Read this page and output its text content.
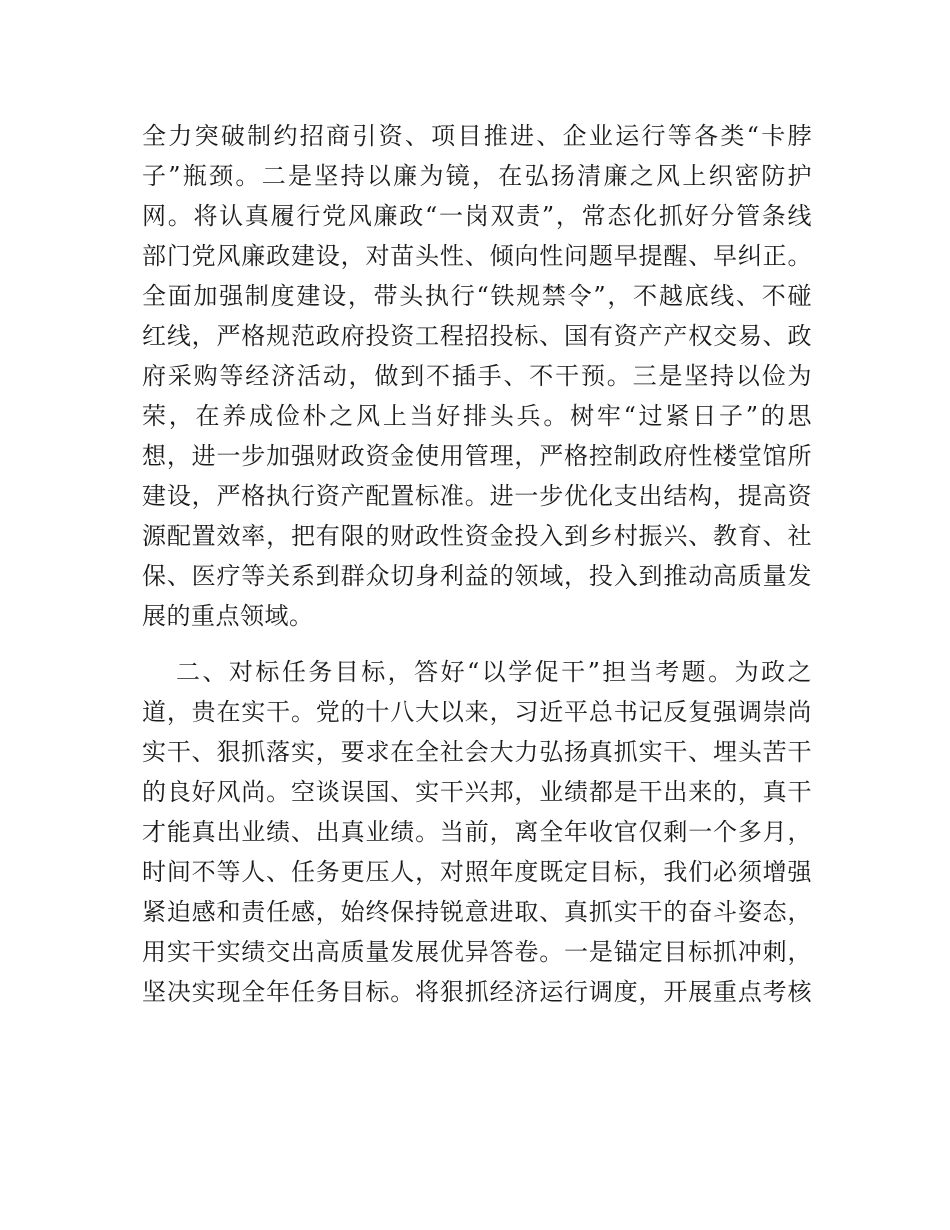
全力突破制约招商引资、项目推进、企业运行等各类“卡脖
子”瓶颈。二是坚持以廉为镜，在弘扬清廉之风上织密防护
网。将认真履行党风廉政“一岗双责”，常态化抓好分管条线
部门党风廉政建设，对苗头性、倾向性问题早提醒、早纠正。
全面加强制度建设，带头执行“铁规禁令”，不越底线、不碰
红线，严格规范政府投资工程招投标、国有资产产权交易、政
府采购等经济活动，做到不插手、不干预。三是坚持以俭为
荣，在养成俭朴之风上当好排头兵。树牢“过紧日子”的思
想，进一步加强财政资金使用管理，严格控制政府性楼堂馆所
建设，严格执行资产配置标准。进一步优化支出结构，提高资
源配置效率，把有限的财政性资金投入到乡村振兴、教育、社
保、医疗等关系到群众切身利益的领域，投入到推动高质量发
展的重点领域。
二、对标任务目标，答好“以学促干”担当考题。为政之
道，贵在实干。党的十八大以来，习近平总书记反复强调崇尚
实干、狠抓落实，要求在全社会大力弘扬真抓实干、埋头苦干
的良好风尚。空谈误国、实干兴邦，业绩都是干出来的，真干
才能真出业绩、出真业绩。当前，离全年收官仅剩一个多月，
时间不等人、任务更压人，对照年度既定目标，我们必须增强
紧迫感和责任感，始终保持锐意进取、真抓实干的奋斗姿态，
用实干实绩交出高质量发展优异答卷。一是锚定目标抓冲刺，
坚决实现全年任务目标。将狠抓经济运行调度，开展重点考核
